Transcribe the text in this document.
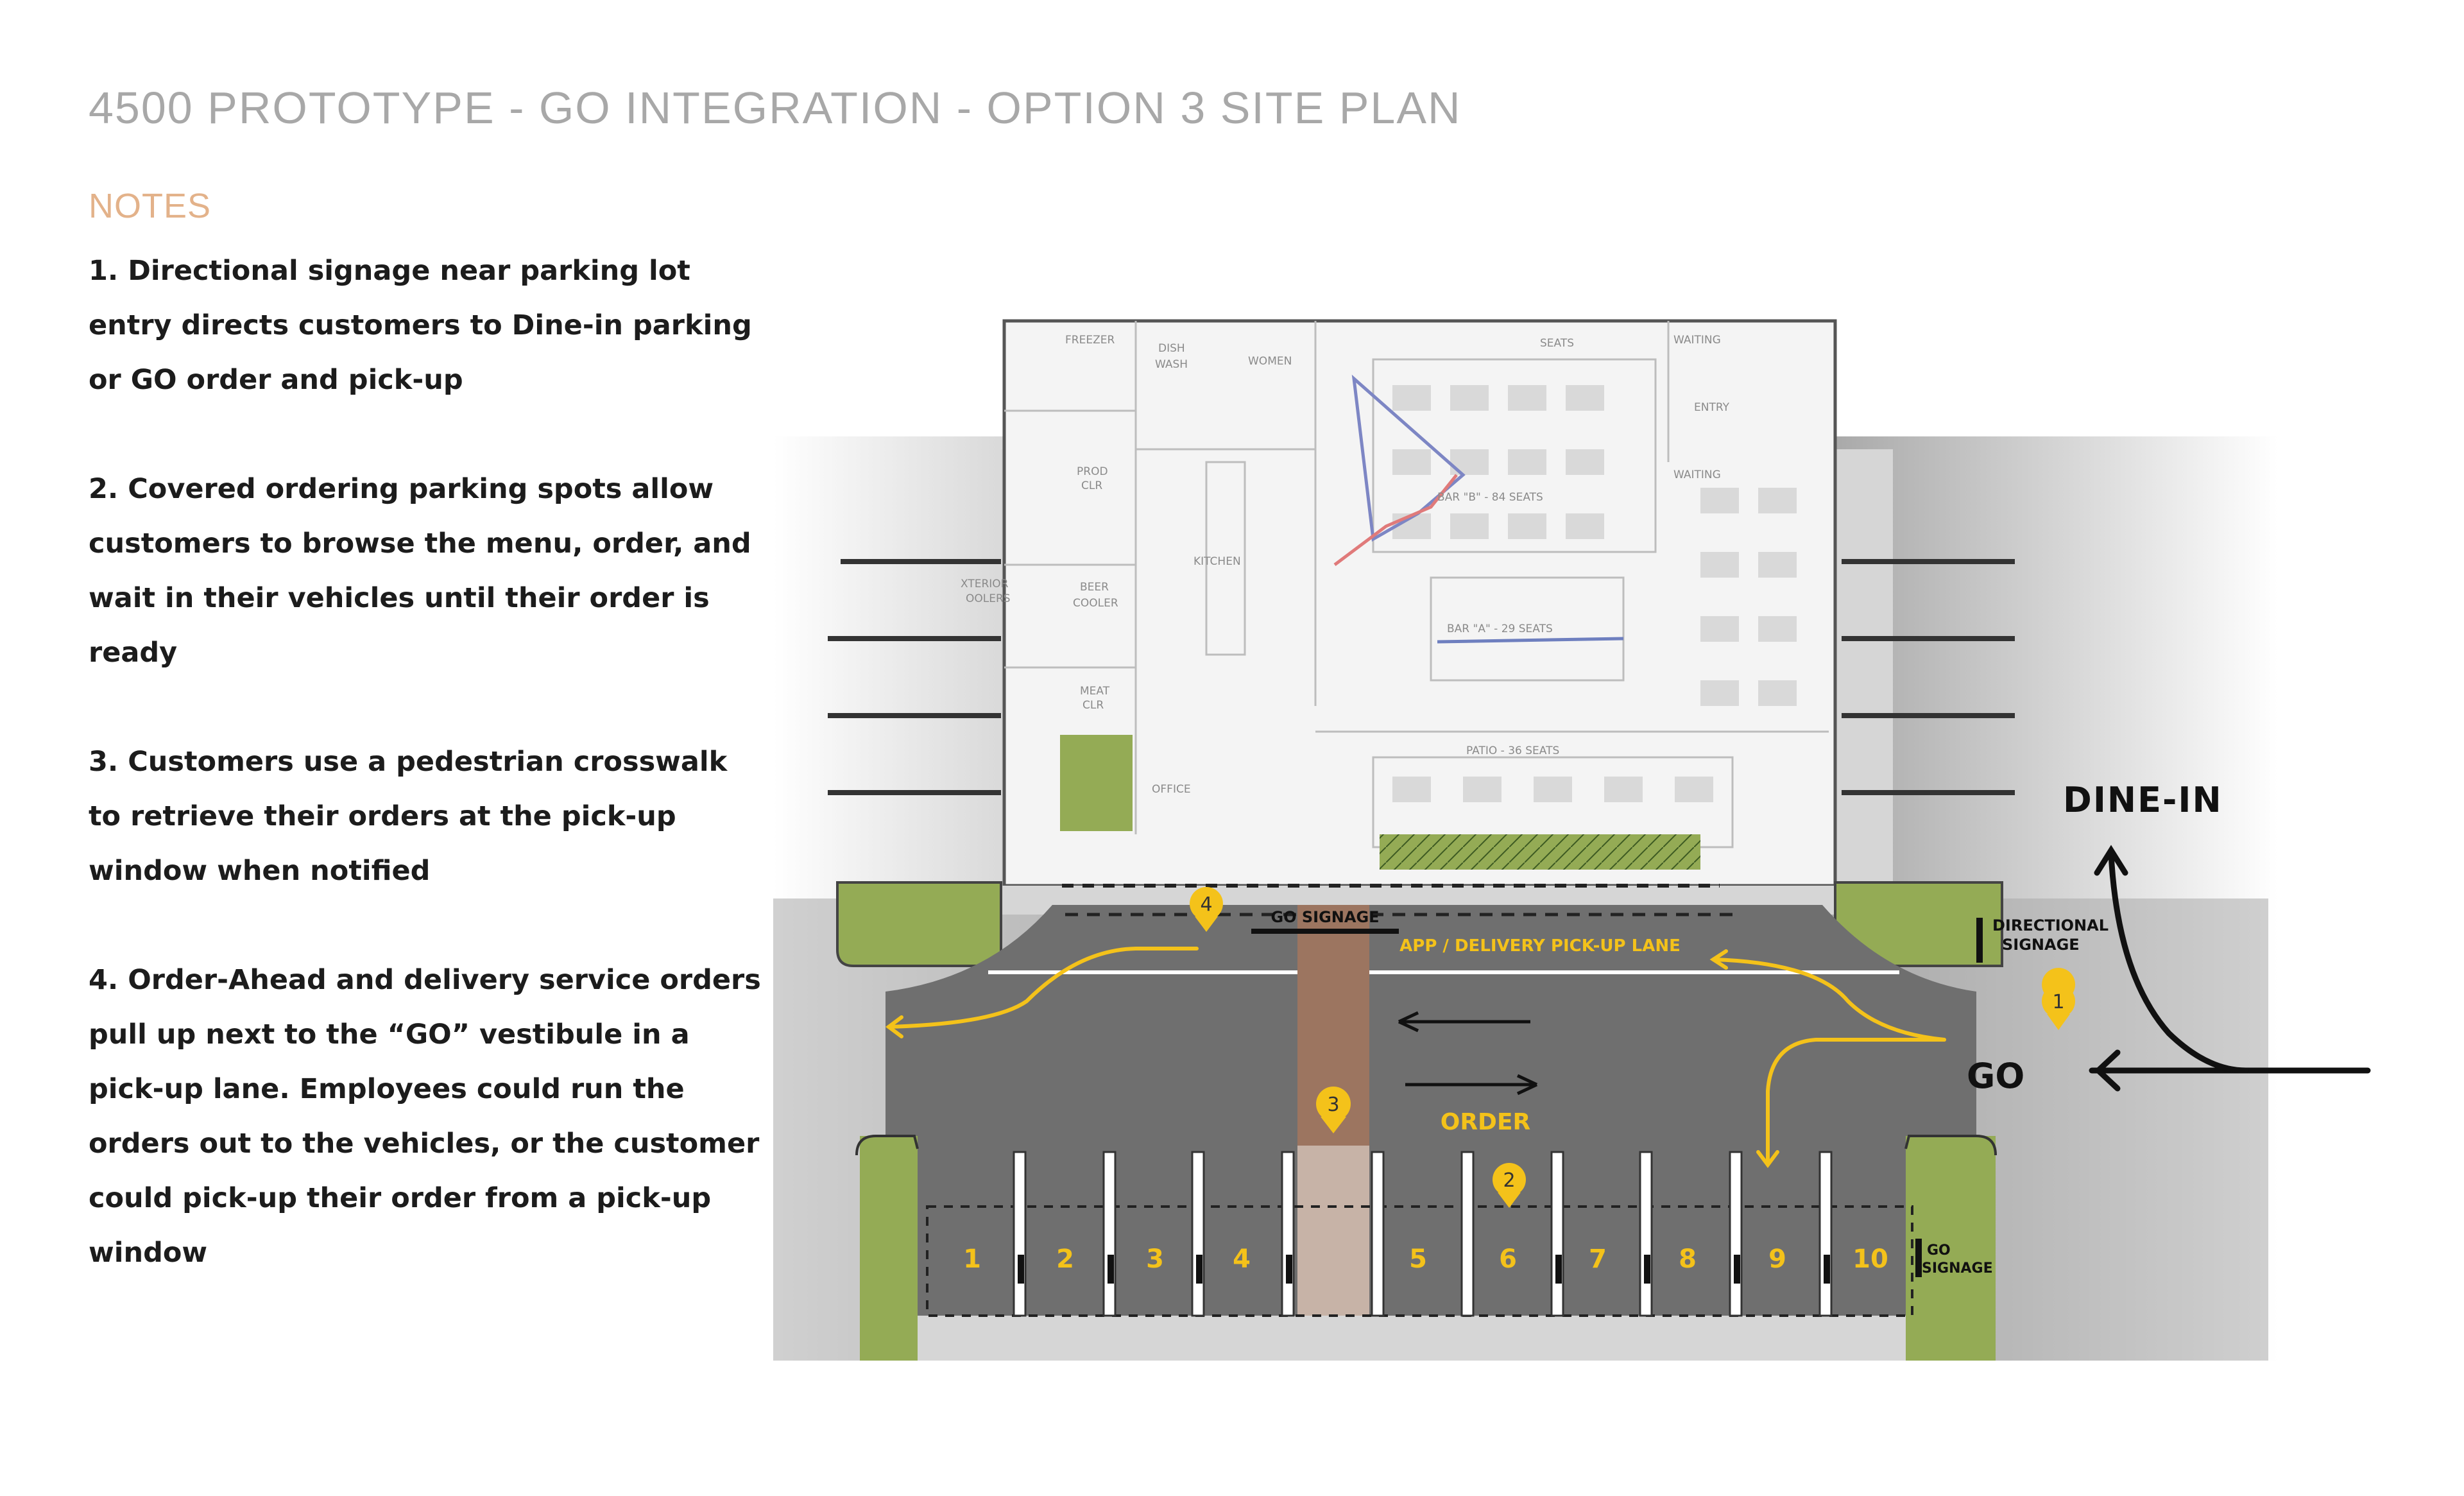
4500 PROTOTYPE - GO INTEGRATION - OPTION 3 SITE PLAN
NOTES

1. Directional signage near parking lot entry directs customers to Dine-in parking or GO order and pick-up

2. Covered ordering parking spots allow customers to browse the menu, order, and wait in their vehicles until their order is ready

3. Customers use a pedestrian crosswalk to retrieve their orders at the pick-up window when notified

4. Order-Ahead and delivery service orders pull up next to the “GO” vestibule in a pick-up lane. Employees could run the orders out to the vehicles, or the customer could pick-up their order from a pick-up window

FREEZER
DISH
WASH	WOMEN
SEATS	WAITING
ENTRY
WAITING
PROD
CLR
KITCHEN
BAR "B" - 84 SEATS
XTERIOR
OOLERS
BEER
COOLER
BAR "A" - 29 SEATS
MEAT
CLR
PATIO - 36 SEATS
OFFICE
1	2	3	4	5	6	7	8	9	10
GO SIGNAGE
APP / DELIVERY PICK-UP LANE
ORDER
DIRECTIONAL
SIGNAGE
GO
SIGNAGE
DINE-IN
GO
1
2
3
4
